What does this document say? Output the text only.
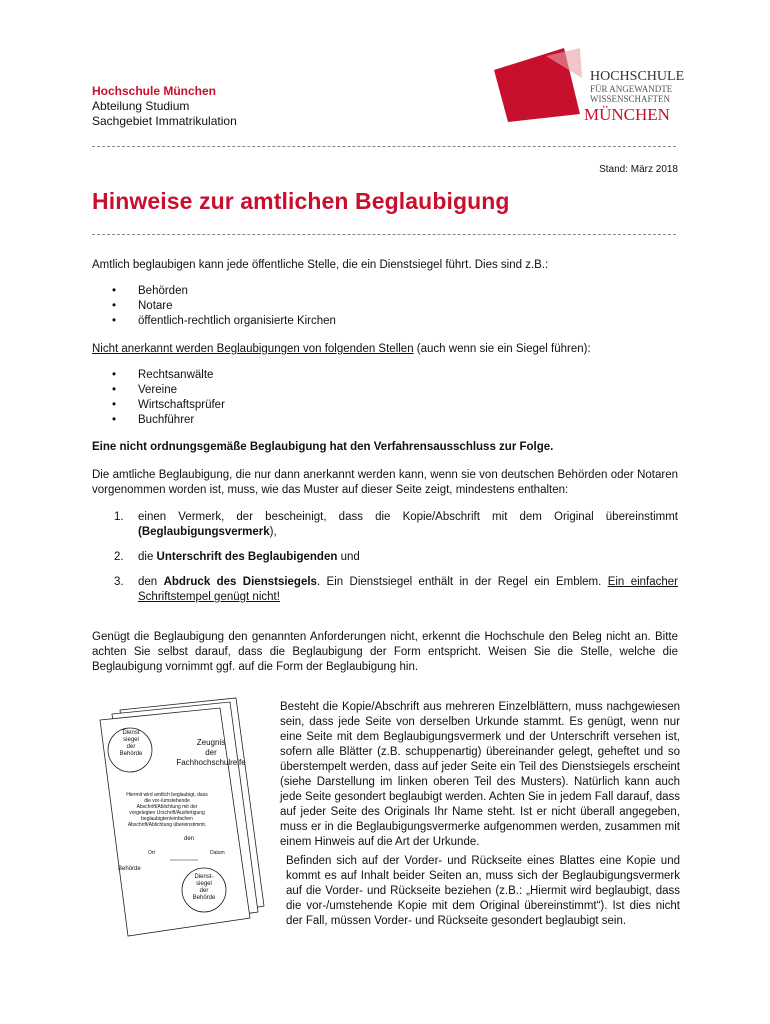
Hochschule München
Abteilung Studium
Sachgebiet Immatrikulation
HOCHSCHULE
FÜR ANGEWANDTE
WISSENSCHAFTEN
MÜNCHEN
Stand: März 2018
Hinweise zur amtlichen Beglaubigung
Amtlich beglaubigen kann jede öffentliche Stelle, die ein Dienstsiegel führt. Dies sind z.B.:
• Behörden
• Notare
• öffentlich-rechtlich organisierte Kirchen
Nicht anerkannt werden Beglaubigungen von folgenden Stellen (auch wenn sie ein Siegel führen):
• Rechtsanwälte
• Vereine
• Wirtschaftsprüfer
• Buchführer
Eine nicht ordnungsgemäße Beglaubigung hat den Verfahrensausschluss zur Folge.
Die amtliche Beglaubigung, die nur dann anerkannt werden kann, wenn sie von deutschen Behörden oder Notaren vorgenommen worden ist, muss, wie das Muster auf dieser Seite zeigt, mindestens enthalten:
1. einen Vermerk, der bescheinigt, dass die Kopie/Abschrift mit dem Original übereinstimmt (Beglaubigungsvermerk),
2. die Unterschrift des Beglaubigenden und
3. den Abdruck des Dienstsiegels. Ein Dienstsiegel enthält in der Regel ein Emblem. Ein einfacher Schriftstempel genügt nicht!
Genügt die Beglaubigung den genannten Anforderungen nicht, erkennt die Hochschule den Beleg nicht an. Bitte achten Sie selbst darauf, dass die Beglaubigung der Form entspricht. Weisen Sie die Stelle, welche die Beglaubigung vornimmt ggf. auf die Form der Beglaubigung hin.
Dienst
siegel
der
Behörde
Zeugnis
der
Fachhochschulreife
Hiermit wird amtlich beglaubigt, dass
die vor-/umstehende
Abschrift/Ablichtung mit der
vorgelegten Urschrift/Ausfertigung
beglaubigten/einfachen
Abschrift/Ablichtung übereinstimmt.
den
Ort	Datum
Behörde
Dienst-
siegel
der
Behörde
Besteht die Kopie/Abschrift aus mehreren Einzelblättern, muss nachgewiesen sein, dass jede Seite von derselben Urkunde stammt. Es genügt, wenn nur eine Seite mit dem Beglaubigungsvermerk und der Unterschrift versehen ist, sofern alle Blätter (z.B. schuppenartig) übereinander gelegt, geheftet und so überstempelt werden, dass auf jeder Seite ein Teil des Dienstsiegels erscheint (siehe Darstellung im linken oberen Teil des Musters). Natürlich kann auch jede Seite gesondert beglaubigt werden. Achten Sie in jedem Fall darauf, dass auf jeder Seite des Originals Ihr Name steht. Ist er nicht überall angegeben, muss er in die Beglaubigungsvermerke aufgenommen werden, zusammen mit einem Hinweis auf die Art der Urkunde.
Befinden sich auf der Vorder- und Rückseite eines Blattes eine Kopie und kommt es auf Inhalt beider Seiten an, muss sich der Beglaubigungsvermerk auf die Vorder- und Rückseite beziehen (z.B.: „Hiermit wird beglaubigt, dass die vor-/umstehende Kopie mit dem Original übereinstimmt“). Ist dies nicht der Fall, müssen Vorder- und Rückseite gesondert beglaubigt sein.
